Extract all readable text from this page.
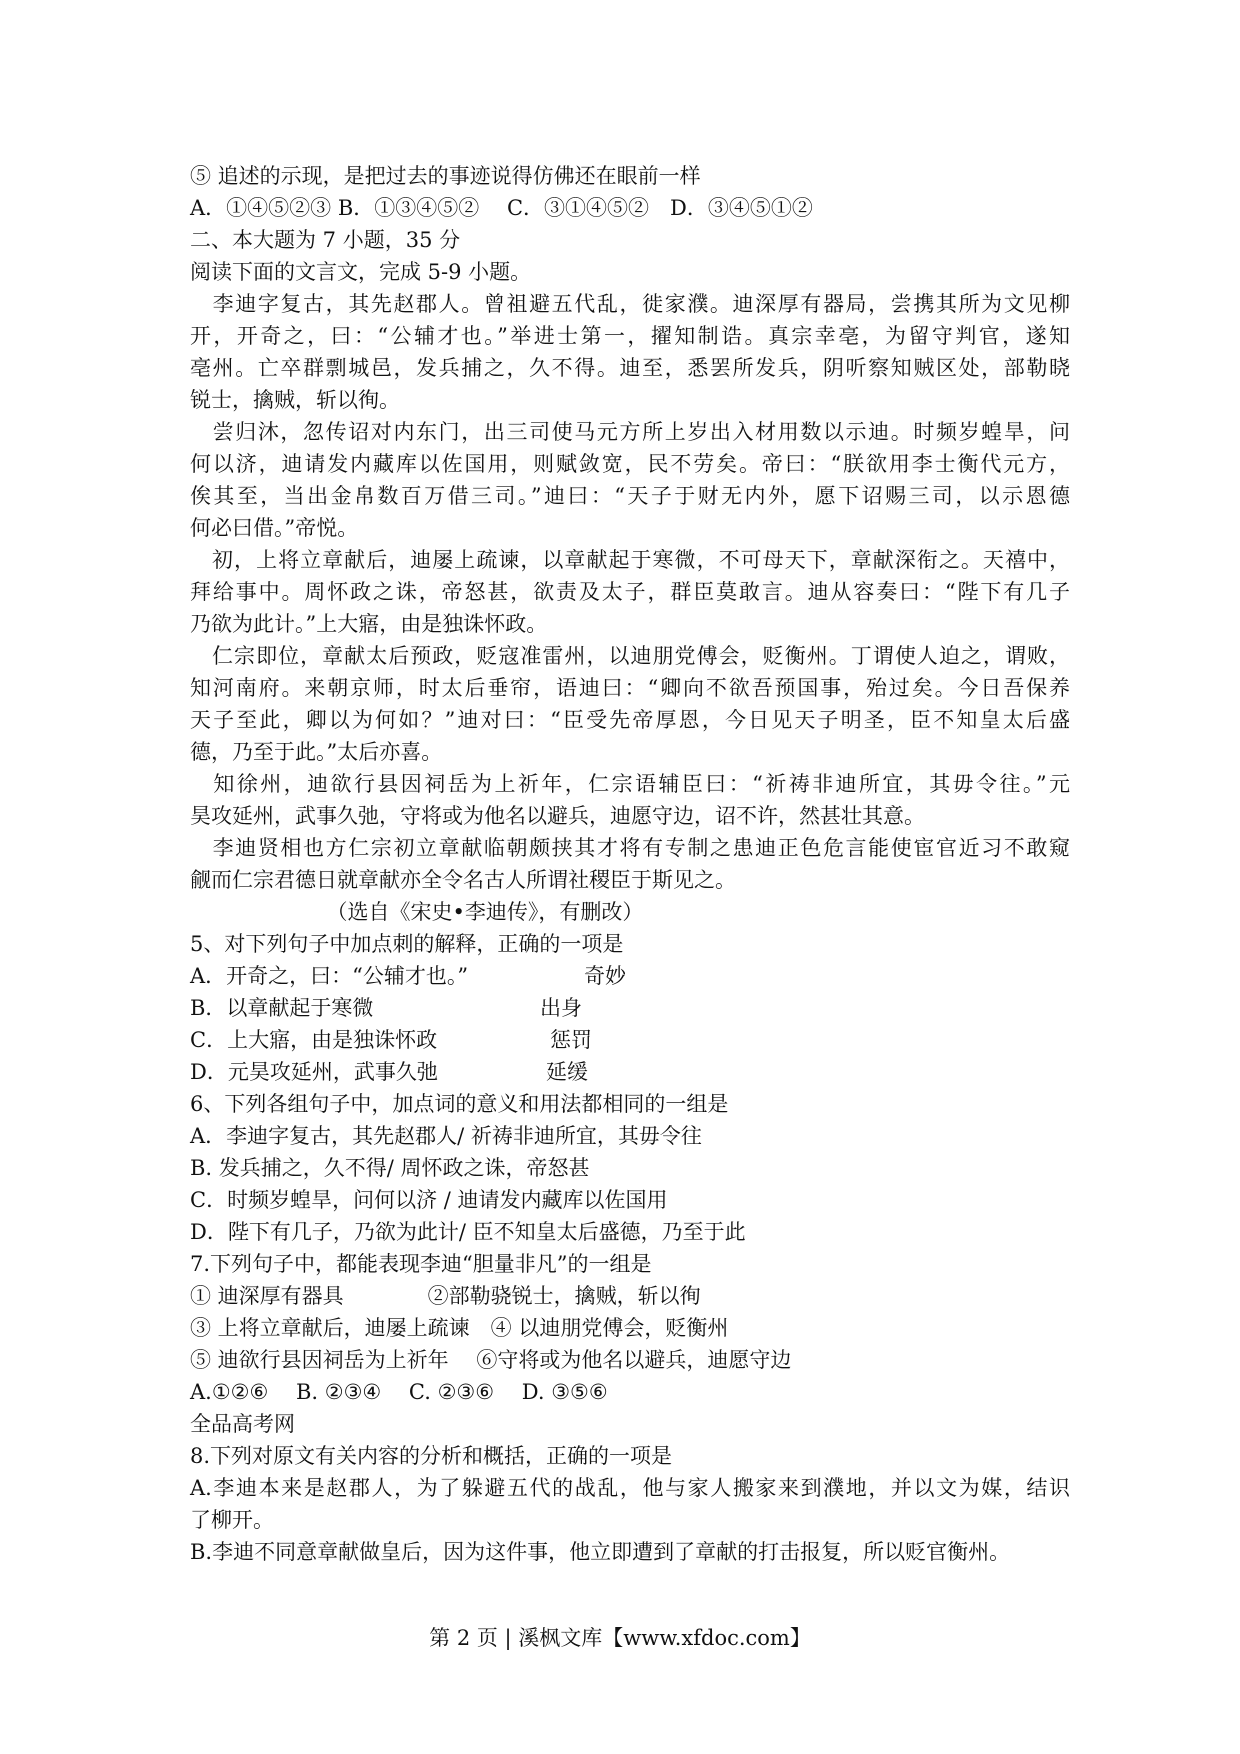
⑤ 追述的示现，是把过去的事迹说得仿佛还在眼前一样
A．①④⑤②③ B．①③④⑤②　 C．③①④⑤②　D．③④⑤①②
二、本大题为 7 小题，35 分
阅读下面的文言文，完成 5-9 小题。
　李迪字复古，其先赵郡人。曾祖避五代乱，徙家濮。迪深厚有器局，尝携其所为文见柳
开，开奇之，曰：“公辅才也。”举进士第一，擢知制诰。真宗幸亳，为留守判官，遂知
亳州。亡卒群剽城邑，发兵捕之，久不得。迪至，悉罢所发兵，阴听察知贼区处，部勒晓
锐士，擒贼，斩以徇。
　尝归沐，忽传诏对内东门，出三司使马元方所上岁出入材用数以示迪。时频岁蝗旱，问
何以济，迪请发内藏库以佐国用，则赋敛宽，民不劳矣。帝曰：“朕欲用李士衡代元方，
俟其至，当出金帛数百万借三司。”迪曰：“天子于财无内外，愿下诏赐三司，以示恩德
何必曰借。”帝悦。
　初，上将立章献后，迪屡上疏谏，以章献起于寒微，不可母天下，章献深衔之。天禧中，
拜给事中。周怀政之诛，帝怒甚，欲责及太子，群臣莫敢言。迪从容奏曰：“陛下有几子
乃欲为此计。”上大寤，由是独诛怀政。
　仁宗即位，章献太后预政，贬寇准雷州，以迪朋党傅会，贬衡州。丁谓使人迫之，谓败，
知河南府。来朝京师，时太后垂帘，语迪曰：“卿向不欲吾预国事，殆过矣。今日吾保养
天子至此，卿以为何如？”迪对曰：“臣受先帝厚恩，今日见天子明圣，臣不知皇太后盛
德，乃至于此。”太后亦喜。
　知徐州，迪欲行县因祠岳为上祈年，仁宗语辅臣曰：“祈祷非迪所宜，其毋令往。”元
昊攻延州，武事久弛，守将或为他名以避兵，迪愿守边，诏不许，然甚壮其意。
　李迪贤相也方仁宗初立章献临朝颇挟其才将有专制之患迪正色危言能使宦官近习不敢窥
觎而仁宗君德日就章献亦全令名古人所谓社稷臣于斯见之。
　　　　　　　（选自《宋史•李迪传》，有删改）
5、对下列句子中加点刺的解释，正确的一项是
A．开奇之，曰：“公辅才也。”	奇妙
B．以章献起于寒微	出身
C．上大寤，由是独诛怀政	惩罚
D．元昊攻延州，武事久弛	延缓
6、下列各组句子中，加点词的意义和用法都相同的一组是
A．李迪字复古，其先赵郡人/ 祈祷非迪所宜，其毋令往
B. 发兵捕之，久不得/ 周怀政之诛，帝怒甚
C．时频岁蝗旱，问何以济 / 迪请发内藏库以佐国用
D．陛下有几子，乃欲为此计/ 臣不知皇太后盛德，乃至于此
7.下列句子中，都能表现李迪“胆量非凡”的一组是
① 迪深厚有器具　　　　②部勒骁锐士，擒贼，斩以徇
③ 上将立章献后，迪屡上疏谏　④ 以迪朋党傅会，贬衡州
⑤ 迪欲行县因祠岳为上祈年　 ⑥守将或为他名以避兵，迪愿守边
A.①②⑥　 B. ②③④　 C. ②③⑥　 D. ③⑤⑥
全品高考网
8.下列对原文有关内容的分析和概括，正确的一项是
A.李迪本来是赵郡人，为了躲避五代的战乱，他与家人搬家来到濮地，并以文为媒，结识
了柳开。
B.李迪不同意章献做皇后，因为这件事，他立即遭到了章献的打击报复，所以贬官衡州。
第 2 页 | 溪枫文库【www.xfdoc.com】
